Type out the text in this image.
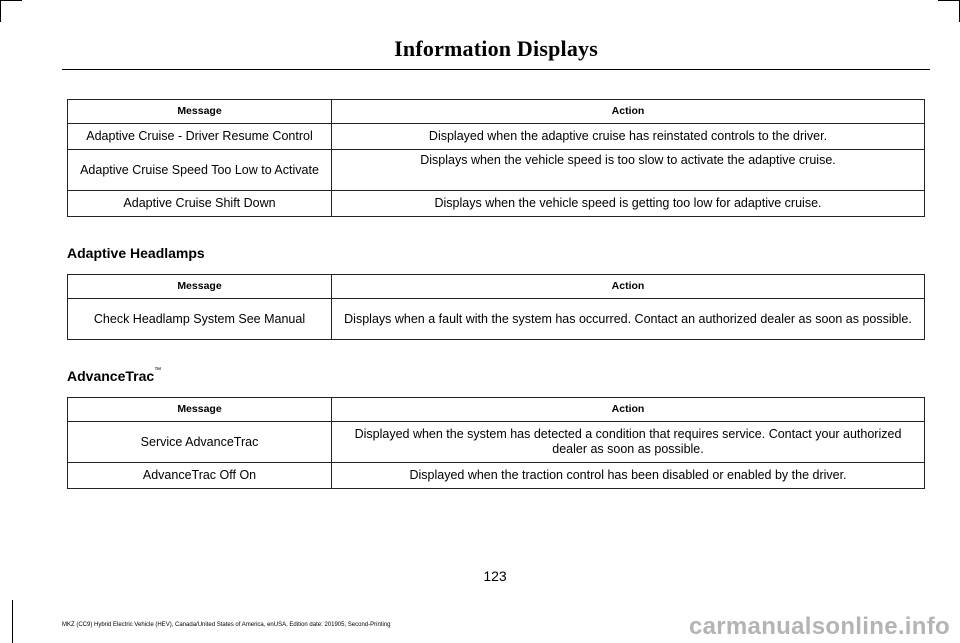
Information Displays
Message	Action
Adaptive Cruise - Driver Resume Control	Displayed when the adaptive cruise has reinstated controls to the driver.
Adaptive Cruise Speed Too Low to Activate	Displays when the vehicle speed is too slow to activate the adaptive cruise.
Adaptive Cruise Shift Down	Displays when the vehicle speed is getting too low for adaptive cruise.
Adaptive Headlamps
Message	Action
Check Headlamp System See Manual	Displays when a fault with the system has occurred. Contact an authorized dealer as soon as possible.
AdvanceTrac™
Message	Action
Service AdvanceTrac	Displayed when the system has detected a condition that requires service. Contact your authorized dealer as soon as possible.
AdvanceTrac Off On	Displayed when the traction control has been disabled or enabled by the driver.
123
MKZ (CC9) Hybrid Electric Vehicle (HEV), Canada/United States of America, enUSA, Edition date: 201905, Second-Printing	carmanualsonline.info
